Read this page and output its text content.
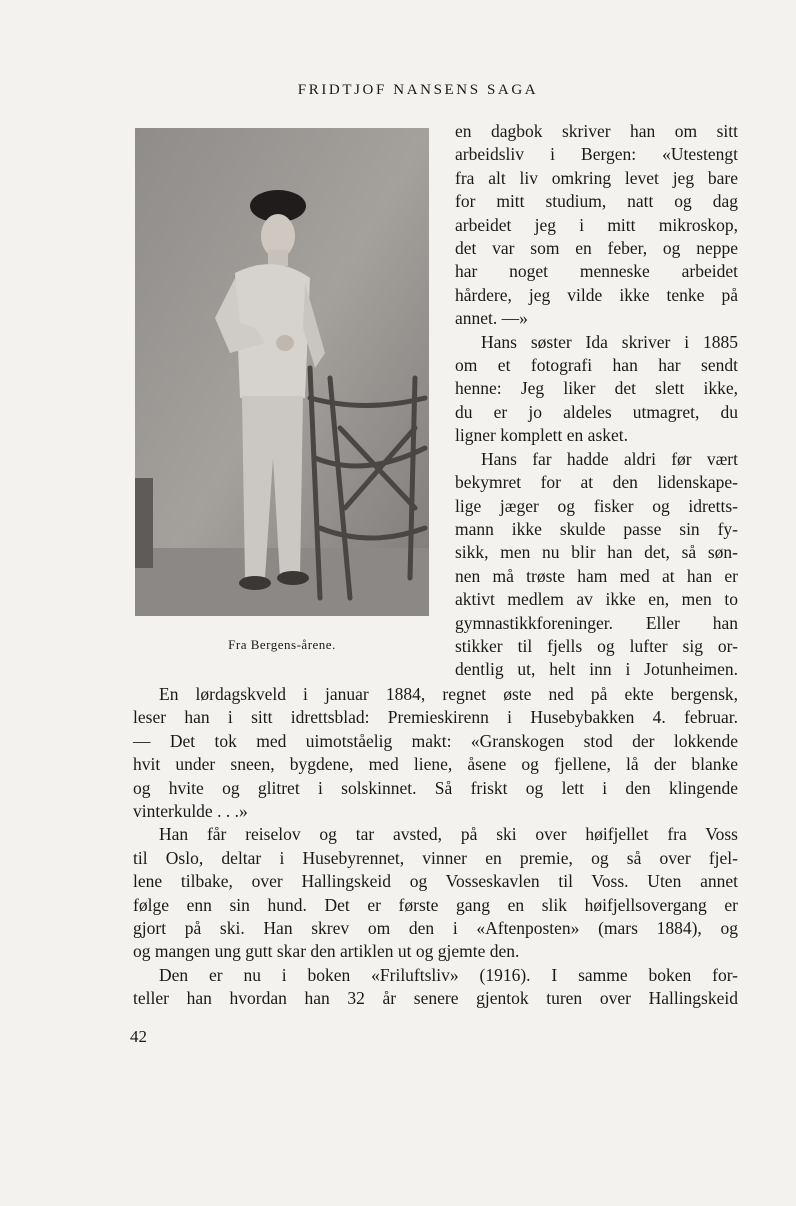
FRIDTJOF NANSENS SAGA
Fra Bergens-årene.

en dagbok skriver han om sitt
arbeidsliv i Bergen: «Utestengt
fra alt liv omkring levet jeg bare
for mitt studium, natt og dag
arbeidet jeg i mitt mikroskop,
det var som en feber, og neppe
har noget menneske arbeidet
hårdere, jeg vilde ikke tenke på
annet. —»
Hans søster Ida skriver i 1885
om et fotografi han har sendt
henne: Jeg liker det slett ikke,
du er jo aldeles utmagret, du
ligner komplett en asket.
Hans far hadde aldri før vært
bekymret for at den lidenskape-
lige jæger og fisker og idretts-
mann ikke skulde passe sin fy-
sikk, men nu blir han det, så søn-
nen må trøste ham med at han er
aktivt medlem av ikke en, men to
gymnastikkforeninger. Eller han
stikker til fjells og lufter sig or-
dentlig ut, helt inn i Jotunheimen.

En lørdagskveld i januar 1884, regnet øste ned på ekte bergensk,
leser han i sitt idrettsblad: Premieskirenn i Husebybakken 4. februar.
— Det tok med uimotståelig makt: «Granskogen stod der lokkende
hvit under sneen, bygdene, med liene, åsene og fjellene, lå der blanke
og hvite og glitret i solskinnet. Så friskt og lett i den klingende
vinterkulde . . .»
Han får reiselov og tar avsted, på ski over høifjellet fra Voss
til Oslo, deltar i Husebyrennet, vinner en premie, og så over fjel-
lene tilbake, over Hallingskeid og Vosseskavlen til Voss. Uten annet
følge enn sin hund. Det er første gang en slik høifjellsovergang er
gjort på ski. Han skrev om den i «Aftenposten» (mars 1884), og
og mangen ung gutt skar den artiklen ut og gjemte den.
Den er nu i boken «Friluftsliv» (1916). I samme boken for-
teller han hvordan han 32 år senere gjentok turen over Hallingskeid

42
